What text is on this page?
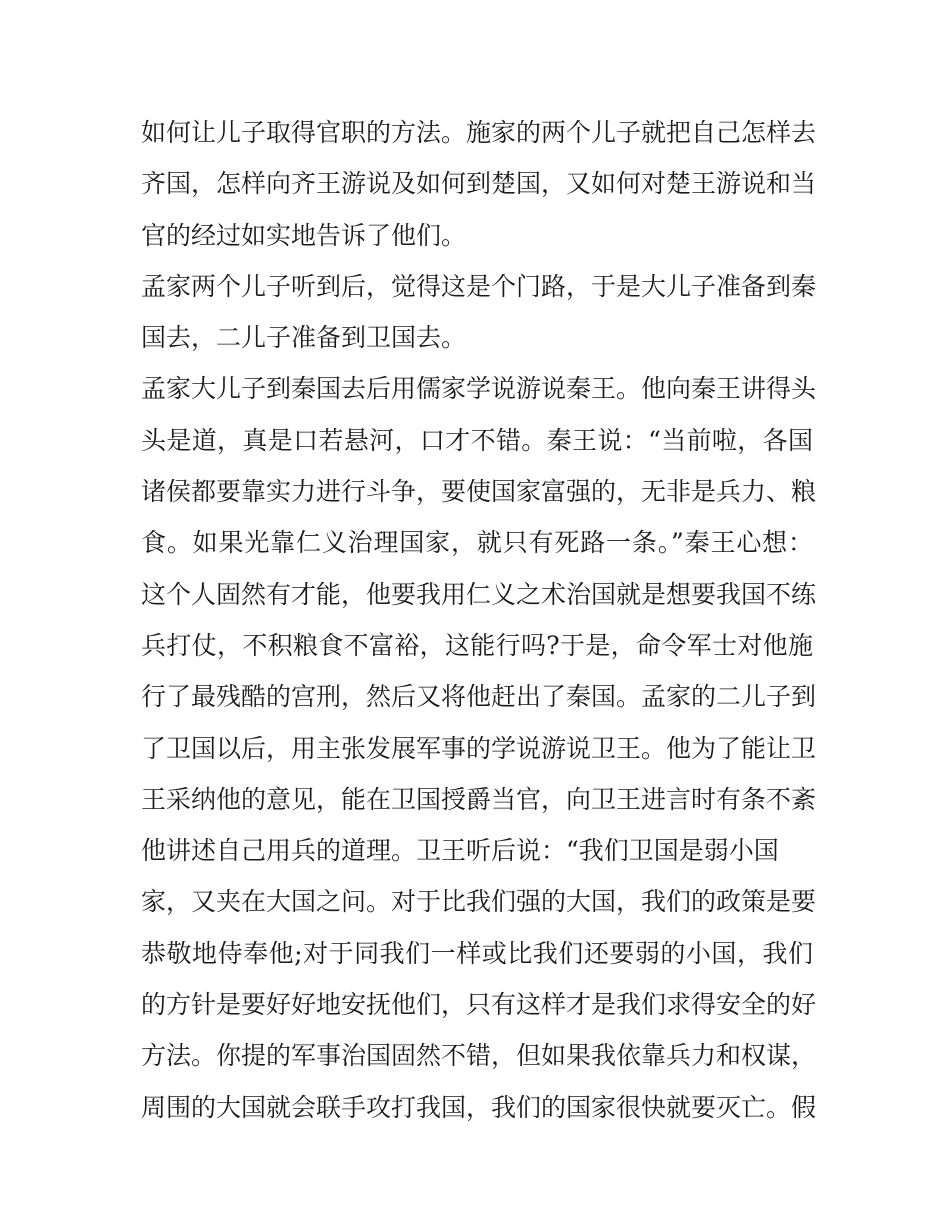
如何让儿子取得官职的方法。施家的两个儿子就把自己怎样去
齐国，怎样向齐王游说及如何到楚国，又如何对楚王游说和当
官的经过如实地告诉了他们。
孟家两个儿子听到后，觉得这是个门路，于是大儿子准备到秦
国去，二儿子准备到卫国去。
孟家大儿子到秦国去后用儒家学说游说秦王。他向秦王讲得头
头是道，真是口若悬河，口才不错。秦王说：“当前啦，各国
诸侯都要靠实力进行斗争，要使国家富强的，无非是兵力、粮
食。如果光靠仁义治理国家，就只有死路一条。”秦王心想：
这个人固然有才能，他要我用仁义之术治国就是想要我国不练
兵打仗，不积粮食不富裕，这能行吗?于是，命令军士对他施
行了最残酷的宫刑，然后又将他赶出了秦国。孟家的二儿子到
了卫国以后，用主张发展军事的学说游说卫王。他为了能让卫
王采纳他的意见，能在卫国授爵当官，向卫王进言时有条不紊
他讲述自己用兵的道理。卫王听后说：“我们卫国是弱小国
家，又夹在大国之问。对于比我们强的大国，我们的政策是要
恭敬地侍奉他;对于同我们一样或比我们还要弱的小国，我们
的方针是要好好地安抚他们，只有这样才是我们求得安全的好
方法。你提的军事治国固然不错，但如果我依靠兵力和权谋，
周围的大国就会联手攻打我国，我们的国家很快就要灭亡。假
